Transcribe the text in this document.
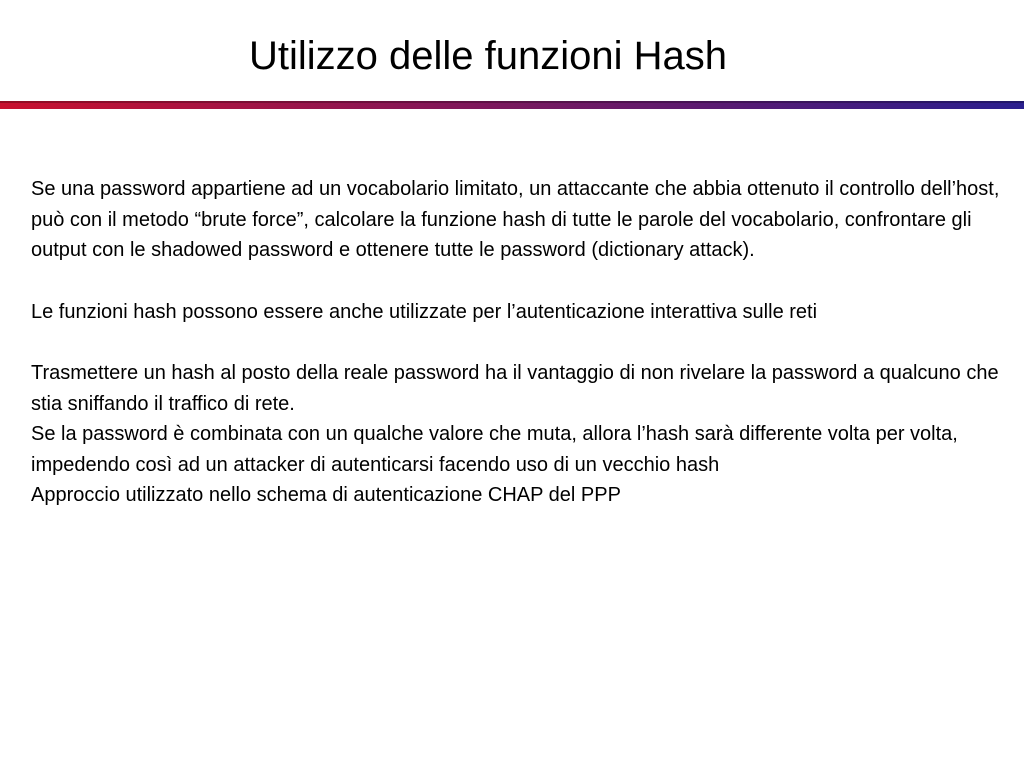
Utilizzo delle funzioni Hash

Se una password appartiene ad un vocabolario limitato, un attaccante che abbia ottenuto il controllo dell’host, può con il metodo “brute force”, calcolare la funzione hash di tutte le parole del vocabolario, confrontare gli output con le shadowed password e ottenere tutte le password (dictionary attack).

Le funzioni hash possono essere anche utilizzate per l’autenticazione interattiva sulle reti

Trasmettere un hash al posto della reale password ha il vantaggio di non rivelare la password a qualcuno che stia sniffando il traffico di rete.

Se la password è combinata con un qualche valore che muta, allora l’hash sarà differente volta per volta, impedendo così ad un attacker di autenticarsi facendo uso di un vecchio hash

Approccio utilizzato nello schema di autenticazione CHAP del PPP
